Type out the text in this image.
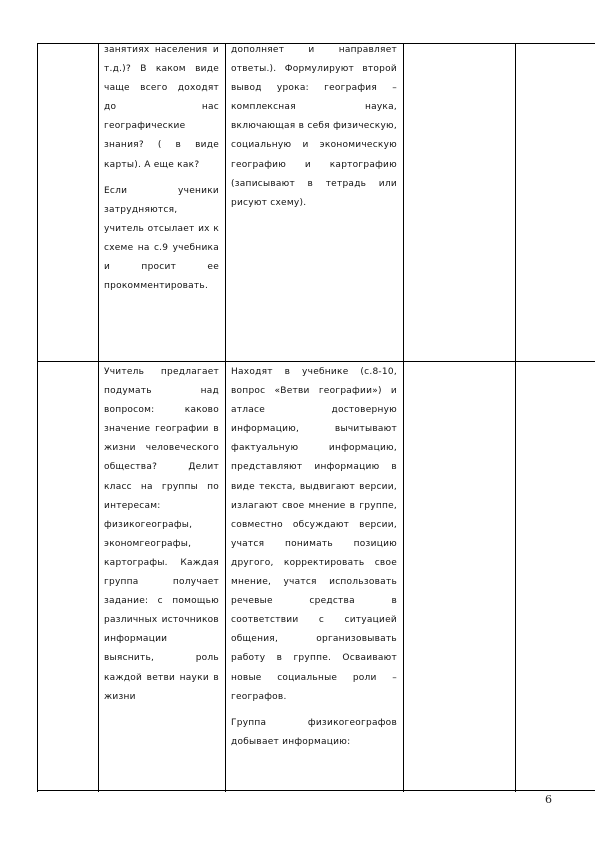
занятиях населения и т.д.)? В каком виде чаще всего доходят до нас географические знания? ( в виде карты). А еще как?

Если ученики затрудняются, учитель отсылает их к схеме на с.9 учебника и просит ее прокомментировать.

дополняет и направляет ответы.). Формулируют второй вывод урока: география – комплексная наука, включающая в себя физическую, социальную и экономическую географию и картографию (записывают в тетрадь или рисуют схему).

Учитель предлагает подумать над вопросом: каково значение географии в жизни человеческого общества? Делит класс на группы по интересам: физикогеографы, экономгеографы, картографы. Каждая группа получает задание: с помощью различных источников информации выяснить, роль каждой ветви науки в жизни

Находят в учебнике (с.8-10, вопрос «Ветви географии») и атласе достоверную информацию, вычитывают фактуальную информацию, представляют информацию в виде текста, выдвигают версии, излагают свое мнение в группе, совместно обсуждают версии, учатся понимать позицию другого, корректировать свое мнение, учатся использовать речевые средства в соответствии с ситуацией общения, организовывать работу в группе. Осваивают новые социальные роли – географов.

Группа физикогеографов добывает информацию:

6
